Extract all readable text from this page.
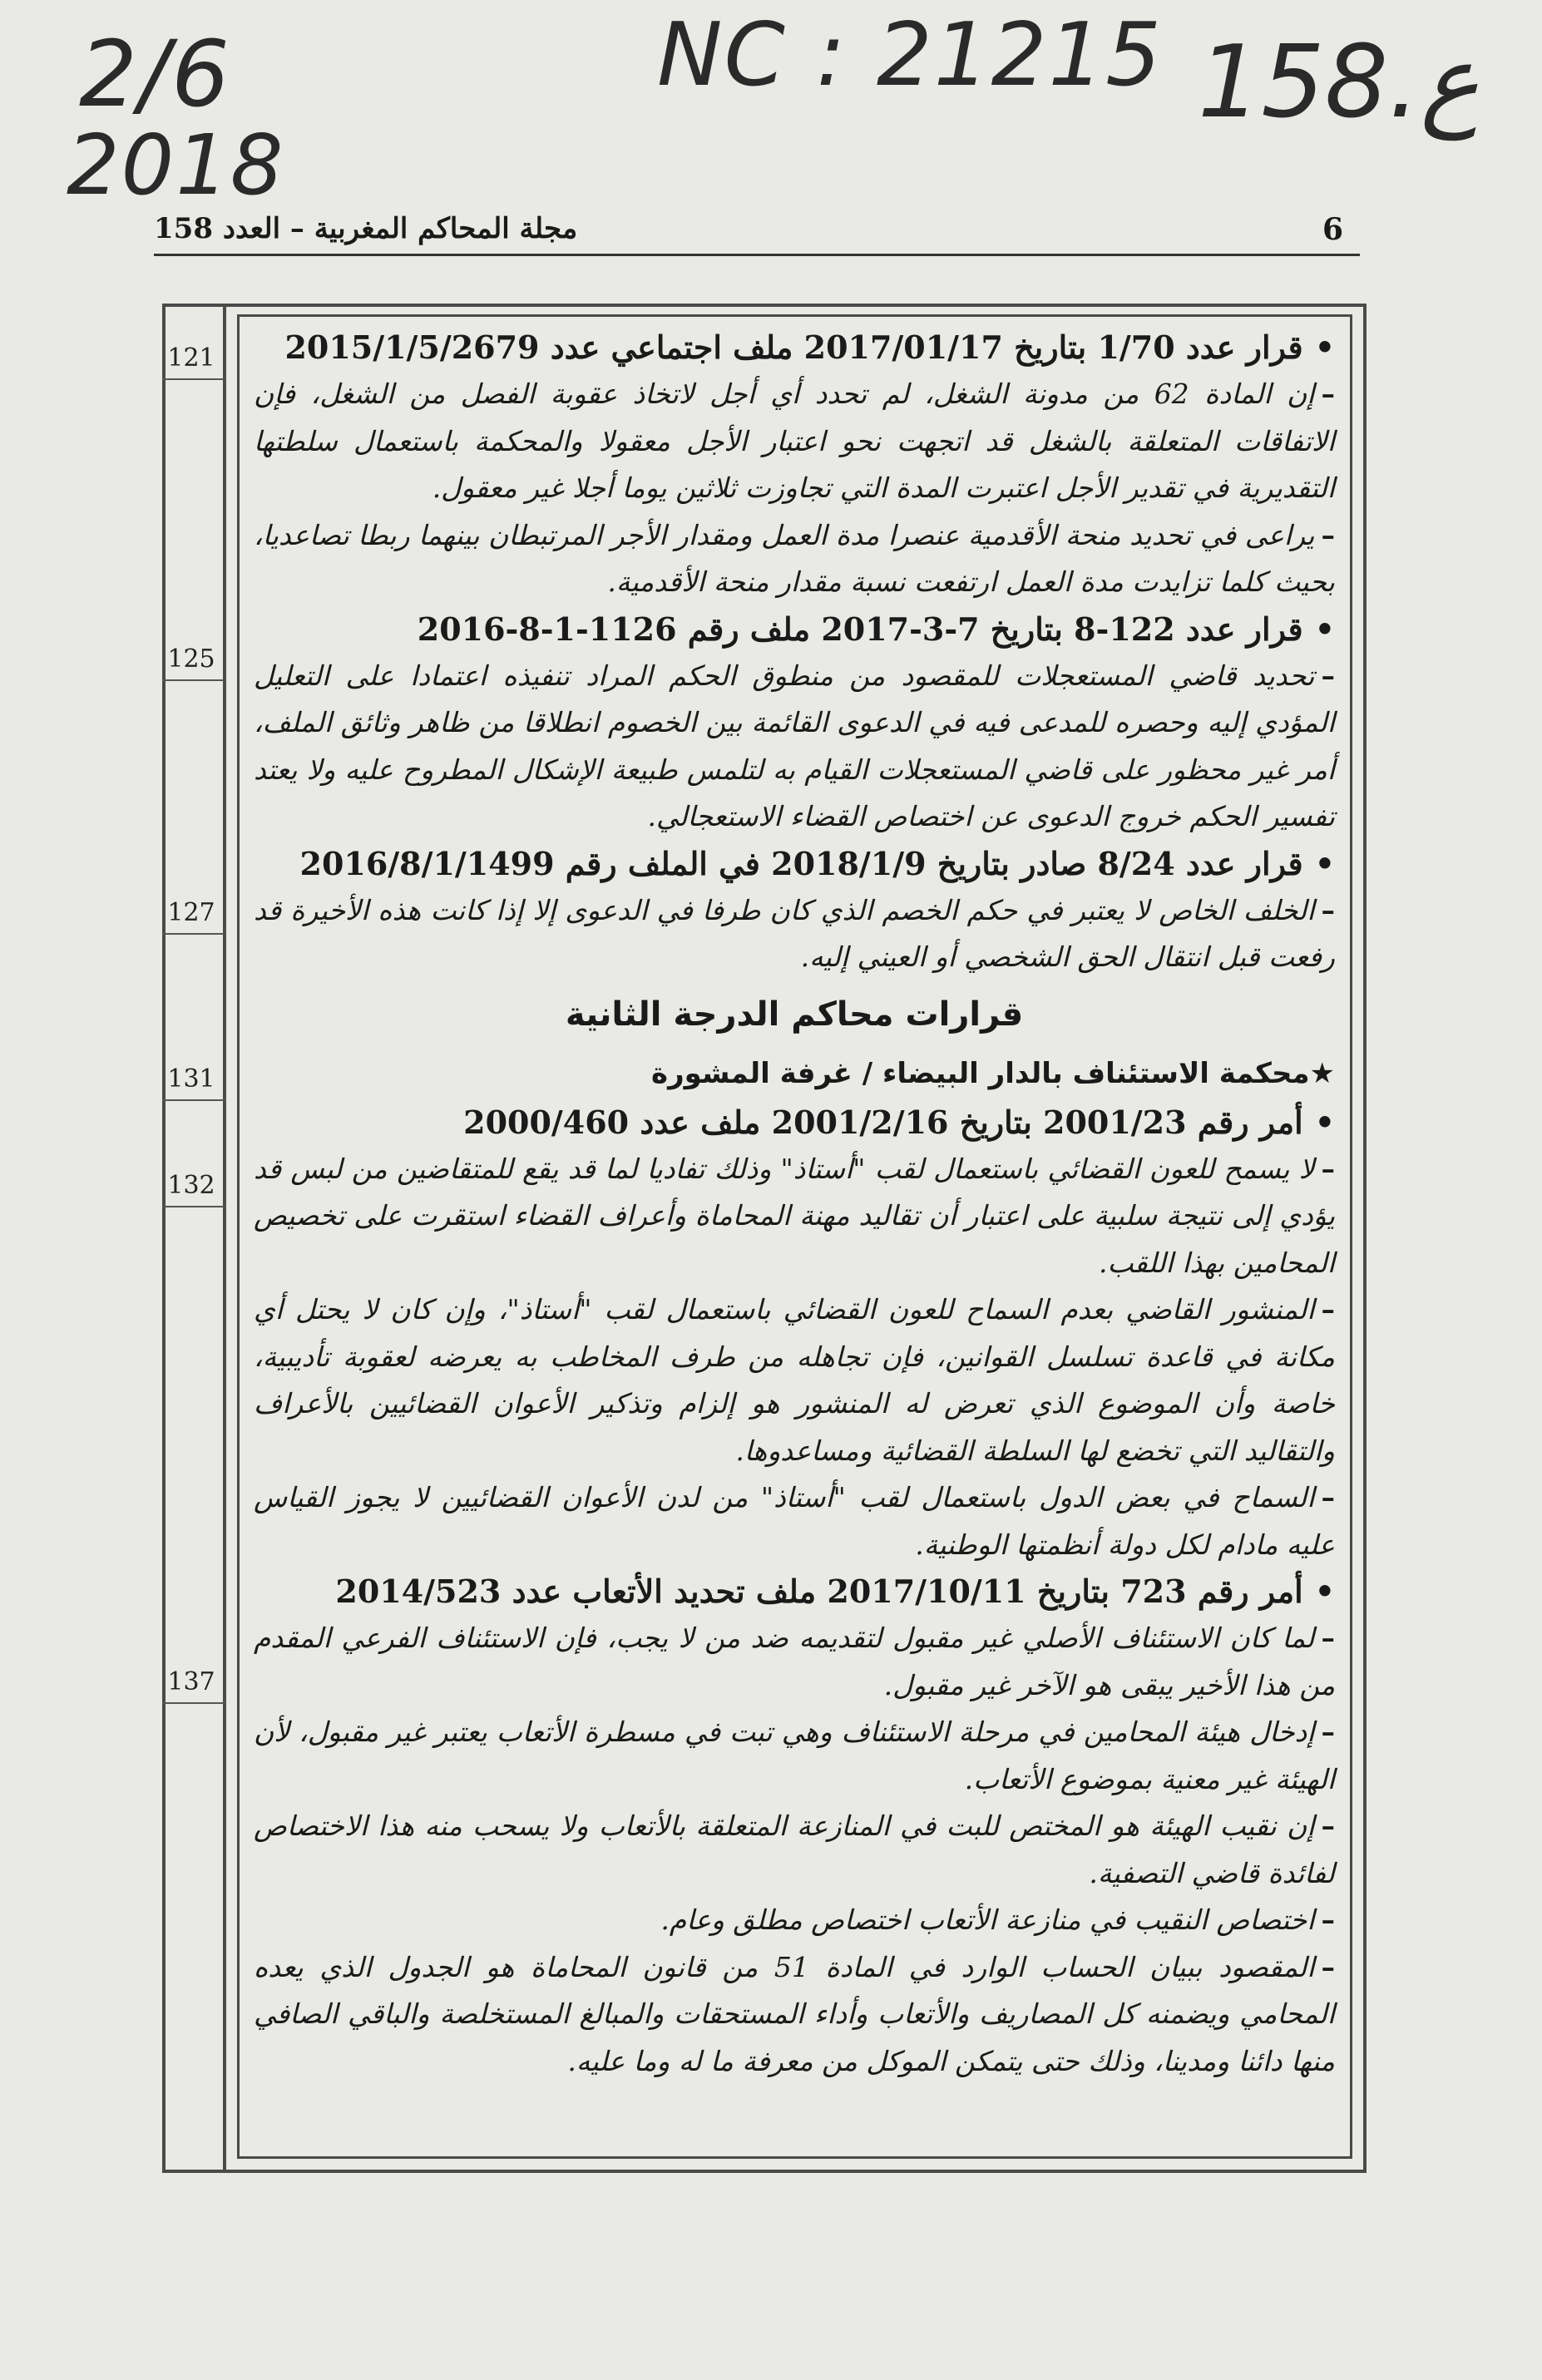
2/6
2018
NC : 21215 158.ع
مجلة المحاكم المغربية – العدد 158	6
121
125
127
131
132
137

•قرار عدد 1/70 بتاريخ 2017/01/17 ملف اجتماعي عدد 2015/1/5/2679

–إن المادة 62 من مدونة الشغل، لم تحدد أي أجل لاتخاذ عقوبة الفصل من الشغل، فإن الاتفاقات المتعلقة بالشغل قد اتجهت نحو اعتبار الأجل معقولا والمحكمة باستعمال سلطتها التقديرية في تقدير الأجل اعتبرت المدة التي تجاوزت ثلاثين يوما أجلا غير معقول.

–يراعى في تحديد منحة الأقدمية عنصرا مدة العمل ومقدار الأجر المرتبطان بينهما ربطا تصاعديا، بحيث كلما تزايدت مدة العمل ارتفعت نسبة مقدار منحة الأقدمية.

•قرار عدد 122-8 بتاريخ 7-3-2017 ملف رقم 1126-1-8-2016

–تحديد قاضي المستعجلات للمقصود من منطوق الحكم المراد تنفيذه اعتمادا على التعليل المؤدي إليه وحصره للمدعى فيه في الدعوى القائمة بين الخصوم انطلاقا من ظاهر وثائق الملف، أمر غير محظور على قاضي المستعجلات القيام به لتلمس طبيعة الإشكال المطروح عليه ولا يعتد تفسير الحكم خروج الدعوى عن اختصاص القضاء الاستعجالي.

•قرار عدد 8/24 صادر بتاريخ 2018/1/9 في الملف رقم 2016/8/1/1499

–الخلف الخاص لا يعتبر في حكم الخصم الذي كان طرفا في الدعوى إلا إذا كانت هذه الأخيرة قد رفعت قبل انتقال الحق الشخصي أو العيني إليه.

قرارات محاكم الدرجة الثانية

★محكمة الاستئناف بالدار البيضاء / غرفة المشورة

•أمر رقم 2001/23 بتاريخ 2001/2/16 ملف عدد 2000/460

–لا يسمح للعون القضائي باستعمال لقب "أستاذ" وذلك تفاديا لما قد يقع للمتقاضين من لبس قد يؤدي إلى نتيجة سلبية على اعتبار أن تقاليد مهنة المحاماة وأعراف القضاء استقرت على تخصيص المحامين بهذا اللقب.

–المنشور القاضي بعدم السماح للعون القضائي باستعمال لقب "أستاذ"، وإن كان لا يحتل أي مكانة في قاعدة تسلسل القوانين، فإن تجاهله من طرف المخاطب به يعرضه لعقوبة تأديبية، خاصة وأن الموضوع الذي تعرض له المنشور هو إلزام وتذكير الأعوان القضائيين بالأعراف والتقاليد التي تخضع لها السلطة القضائية ومساعدوها.

–السماح في بعض الدول باستعمال لقب "أستاذ" من لدن الأعوان القضائيين لا يجوز القياس عليه مادام لكل دولة أنظمتها الوطنية.

•أمر رقم 723 بتاريخ 2017/10/11 ملف تحديد الأتعاب عدد 2014/523

–لما كان الاستئناف الأصلي غير مقبول لتقديمه ضد من لا يجب، فإن الاستئناف الفرعي المقدم من هذا الأخير يبقى هو الآخر غير مقبول.

–إدخال هيئة المحامين في مرحلة الاستئناف وهي تبت في مسطرة الأتعاب يعتبر غير مقبول، لأن الهيئة غير معنية بموضوع الأتعاب.

–إن نقيب الهيئة هو المختص للبت في المنازعة المتعلقة بالأتعاب ولا يسحب منه هذا الاختصاص لفائدة قاضي التصفية.

–اختصاص النقيب في منازعة الأتعاب اختصاص مطلق وعام.

–المقصود ببيان الحساب الوارد في المادة 51 من قانون المحاماة هو الجدول الذي يعده المحامي ويضمنه كل المصاريف والأتعاب وأداء المستحقات والمبالغ المستخلصة والباقي الصافي منها دائنا ومدينا، وذلك حتى يتمكن الموكل من معرفة ما له وما عليه.
